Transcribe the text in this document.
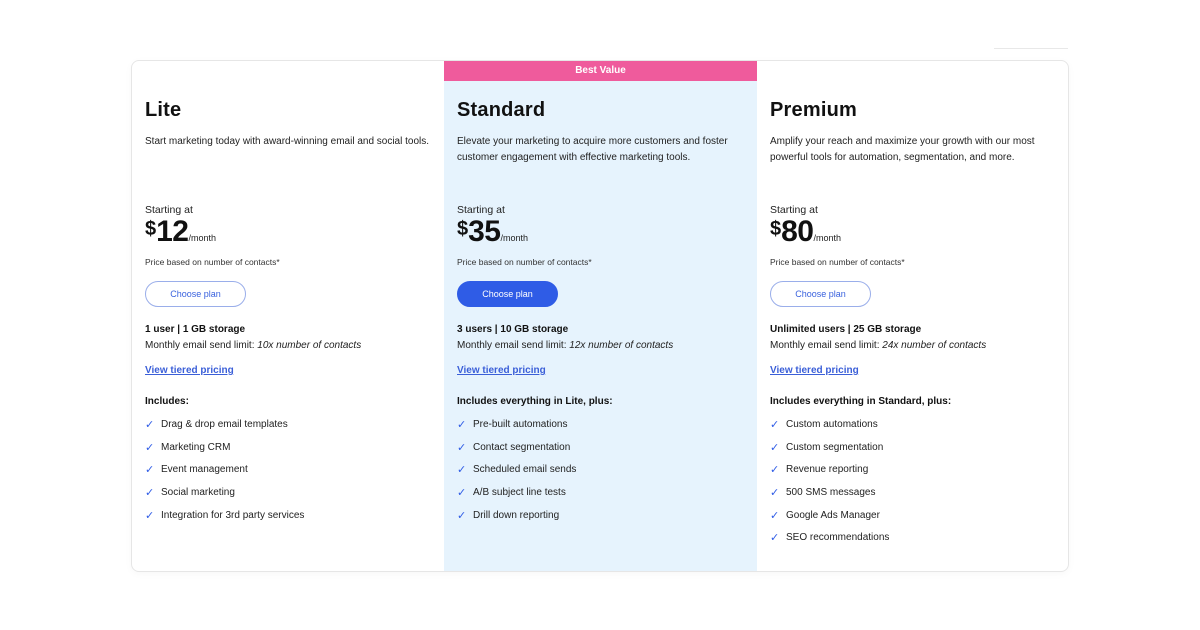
Lite
Start marketing today with award-winning email and social tools.
Starting at
$12/month
Price based on number of contacts*
Choose plan
1 user | 1 GB storage
Monthly email send limit: 10x number of contacts
View tiered pricing
Includes:
✓ Drag & drop email templates
✓ Marketing CRM
✓ Event management
✓ Social marketing
✓ Integration for 3rd party services
Standard
Elevate your marketing to acquire more customers and foster customer engagement with effective marketing tools.
Starting at
$35/month
Price based on number of contacts*
Choose plan
3 users | 10 GB storage
Monthly email send limit: 12x number of contacts
View tiered pricing
Includes everything in Lite, plus:
✓ Pre-built automations
✓ Contact segmentation
✓ Scheduled email sends
✓ A/B subject line tests
✓ Drill down reporting
Premium
Amplify your reach and maximize your growth with our most powerful tools for automation, segmentation, and more.
Starting at
$80/month
Price based on number of contacts*
Choose plan
Unlimited users | 25 GB storage
Monthly email send limit: 24x number of contacts
View tiered pricing
Includes everything in Standard, plus:
✓ Custom automations
✓ Custom segmentation
✓ Revenue reporting
✓ 500 SMS messages
✓ Google Ads Manager
✓ SEO recommendations
Best Value
